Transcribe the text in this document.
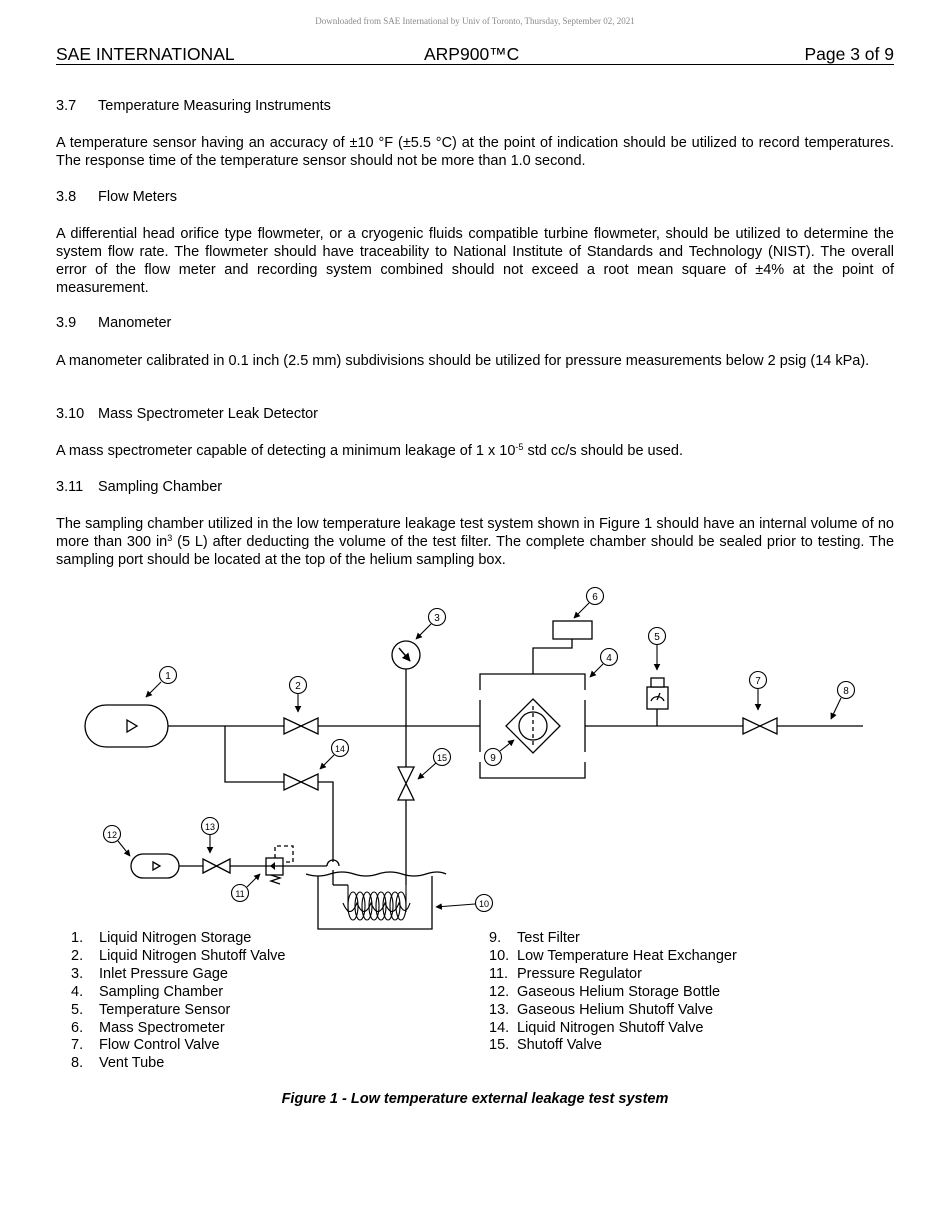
Downloaded from SAE International by Univ of Toronto, Thursday, September 02, 2021
SAE INTERNATIONAL	ARP900™C	Page 3 of 9
3.7 Temperature Measuring Instruments

A temperature sensor having an accuracy of ±10 °F (±5.5 °C) at the point of indication should be utilized to record temperatures. The response time of the temperature sensor should not be more than 1.0 second.

3.8 Flow Meters

A differential head orifice type flowmeter, or a cryogenic fluids compatible turbine flowmeter, should be utilized to determine the system flow rate. The flowmeter should have traceability to National Institute of Standards and Technology (NIST). The overall error of the flow meter and recording system combined should not exceed a root mean square of ±4% at the point of measurement.

3.9 Manometer

A manometer calibrated in 0.1 inch (2.5 mm) subdivisions should be utilized for pressure measurements below 2 psig (14 kPa).

3.10 Mass Spectrometer Leak Detector

A mass spectrometer capable of detecting a minimum leakage of 1 x $10^{-5}$ std cc/s should be used.

3.11 Sampling Chamber

The sampling chamber utilized in the low temperature leakage test system shown in Figure 1 should have an internal volume of no more than 300 $in^3$ (5 L) after deducting the volume of the test filter. The complete chamber should be sealed prior to testing. The sampling port should be located at the top of the helium sampling box.

1
2
3
4
5
6
7
8
9
10
11
12
13
14
15
1. Liquid Nitrogen Storage
2. Liquid Nitrogen Shutoff Valve
3. Inlet Pressure Gage
4. Sampling Chamber
5. Temperature Sensor
6. Mass Spectrometer
7. Flow Control Valve
8. Vent Tube
9. Test Filter
10. Low Temperature Heat Exchanger
11. Pressure Regulator
12. Gaseous Helium Storage Bottle
13. Gaseous Helium Shutoff Valve
14. Liquid Nitrogen Shutoff Valve
15. Shutoff Valve
Figure 1 - Low temperature external leakage test system
